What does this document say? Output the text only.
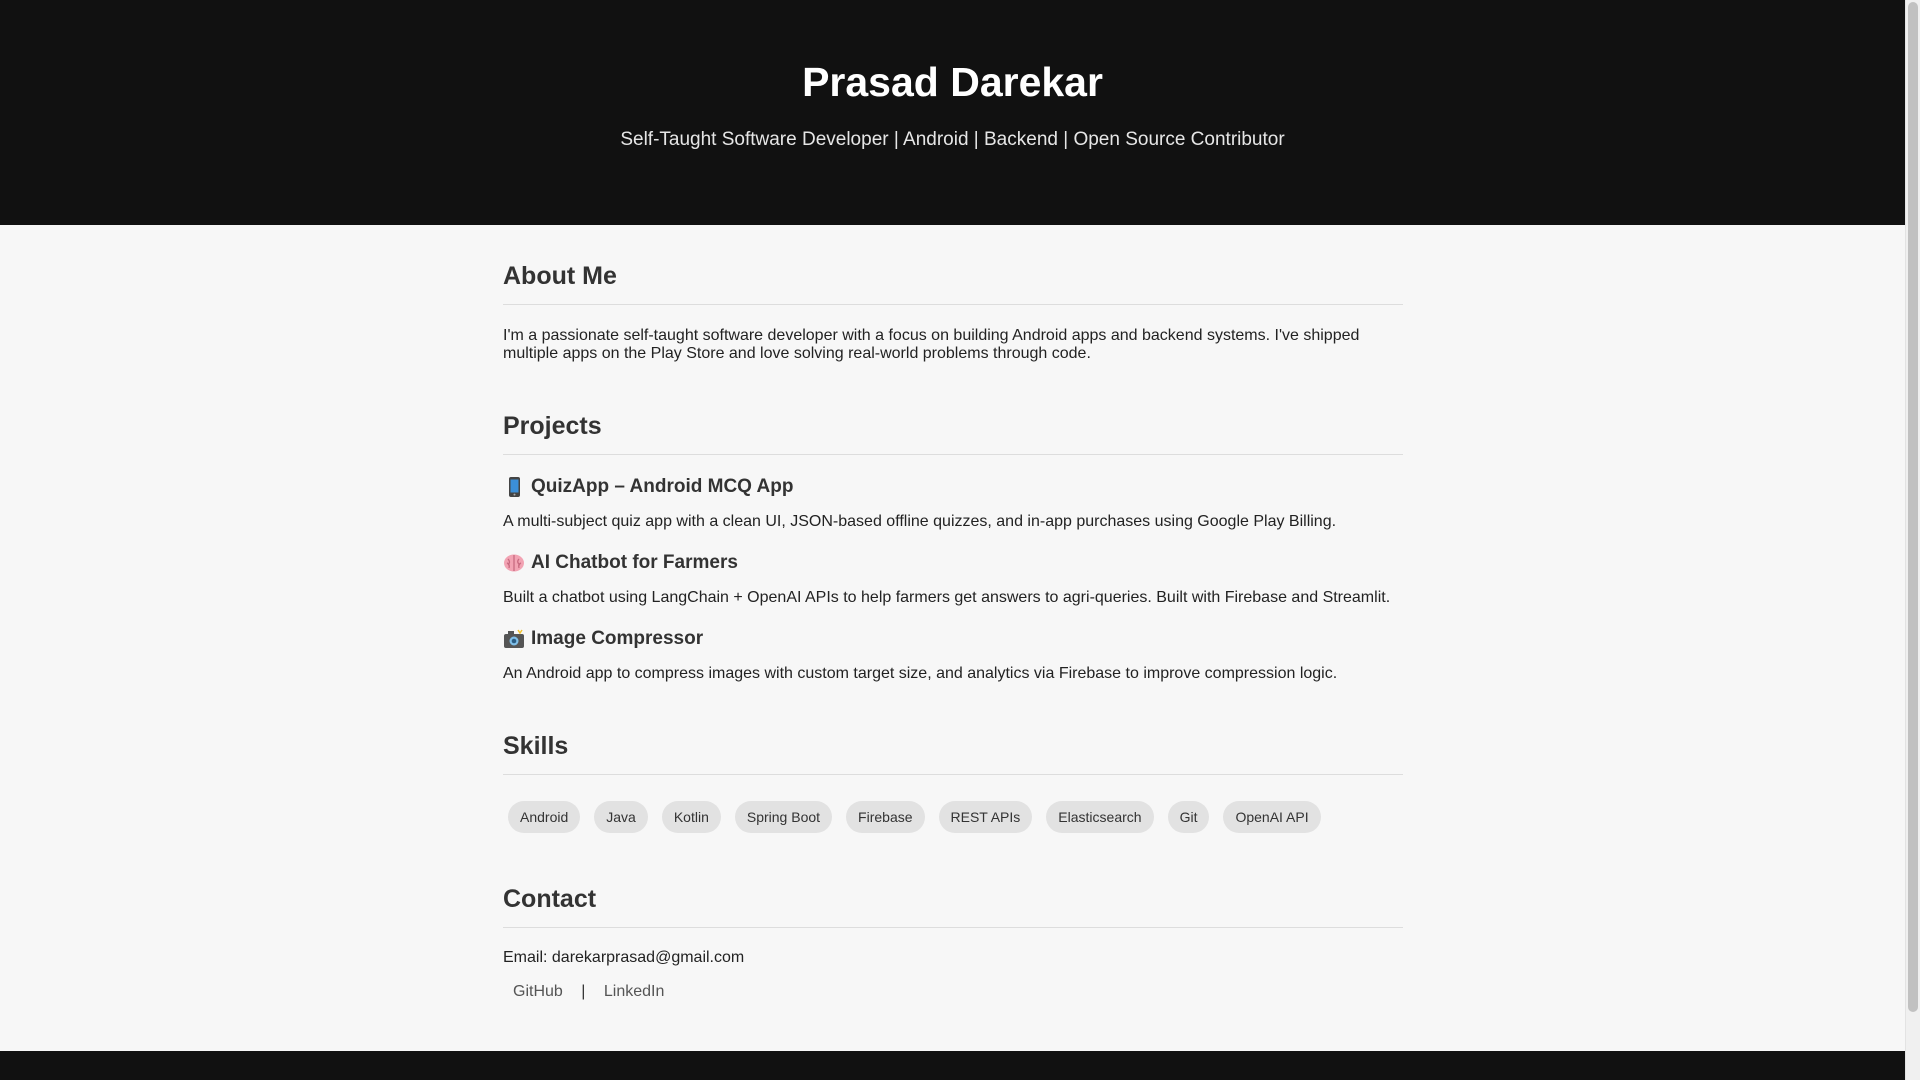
Prasad Darekar

Self-Taught Software Developer | Android | Backend | Open Source Contributor

About Me

I'm a passionate self-taught software developer with a focus on building Android apps and backend systems. I've shipped multiple apps on the Play Store and love solving real-world problems through code.

Projects
QuizApp – Android MCQ App

A multi-subject quiz app with a clean UI, JSON-based offline quizzes, and in-app purchases using Google Play Billing.

AI Chatbot for Farmers

Built a chatbot using LangChain + OpenAI APIs to help farmers get answers to agri-queries. Built with Firebase and Streamlit.

Image Compressor

An Android app to compress images with custom target size, and analytics via Firebase to improve compression logic.

Skills
Android	Java	Kotlin	Spring Boot	Firebase	REST APIs	Elasticsearch	Git	OpenAI API
Contact

Email: darekarprasad@gmail.com

GitHub | LinkedIn
